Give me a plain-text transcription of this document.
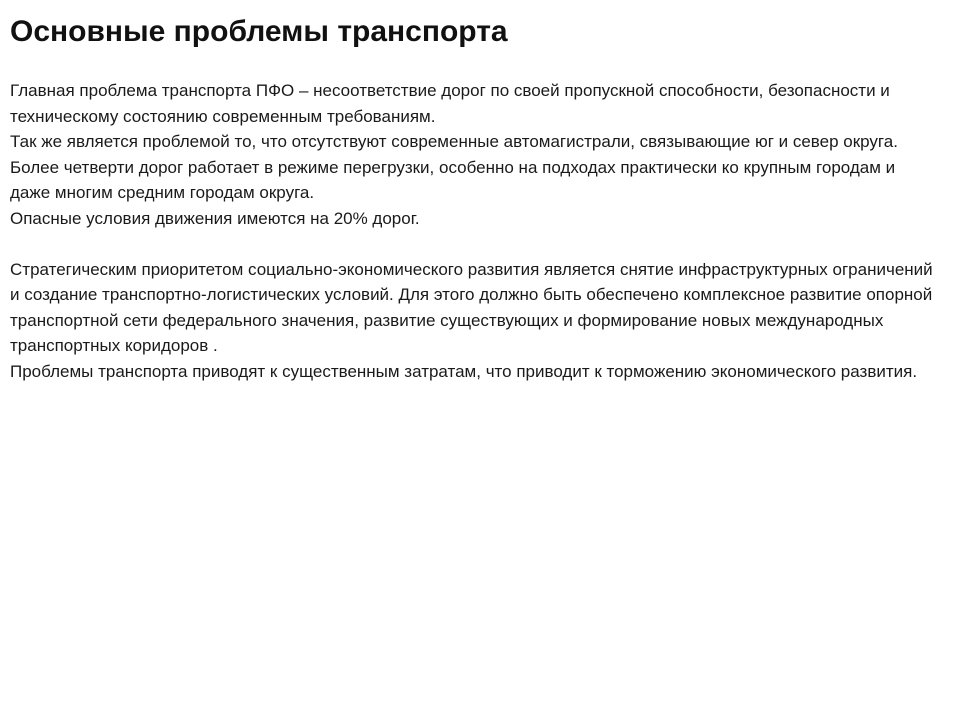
Основные проблемы транспорта

Главная проблема транспорта ПФО – несоответствие дорог по своей пропускной способности, безопасности и техническому состоянию современным требованиям.

Так же является проблемой то, что отсутствуют современные автомагистрали, связывающие юг и север округа. Более четверти дорог работает в режиме перегрузки, особенно на подходах практически ко крупным городам и даже многим средним городам округа.

Опасные условия движения имеются на 20% дорог.

Стратегическим приоритетом социально-экономического развития является снятие инфраструктурных ограничений и создание транспортно-логистических условий. Для этого должно быть обеспечено комплексное развитие опорной транспортной сети федерального значения, развитие существующих и формирование новых международных транспортных коридоров .

Проблемы транспорта приводят к существенным затратам, что приводит к торможению экономического развития.
